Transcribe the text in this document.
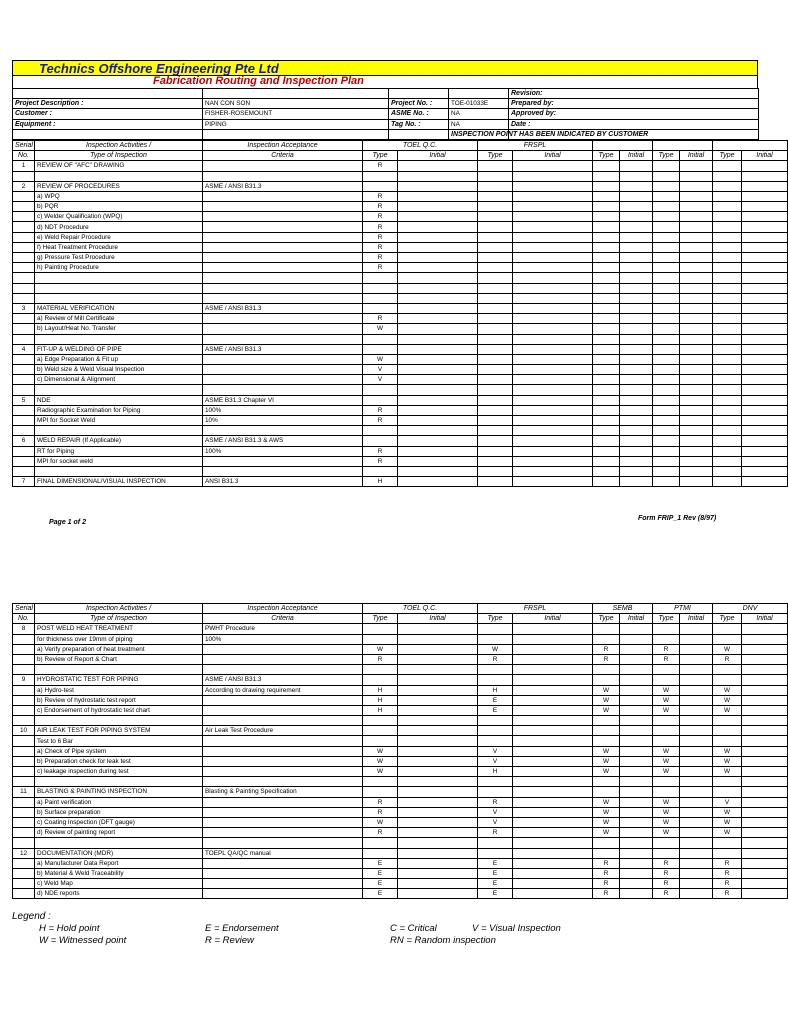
Technics Offshore Engineering Pte Ltd
Fabrication Routing and Inspection Plan
				Revision:
Project Description :	NAN CON SON	Project No. :	TOE-01033E	Prepared by:
Customer :	FISHER-ROSEMOUNT	ASME No. :	NA	Approved by:
Equipment :	PIPING	Tag No. :	NA	Date :
			INSPECTION POINT HAS BEEN INDICATED BY CUSTOMER	
Serial	Inspection Activities /	Inspection Acceptance	TOEL Q.C.		FRSPL							
No.	Type of Inspection	Criteria	Type	Initial	Type	Initial	Type	Initial	Type	Initial	Type	Initial
1	REVIEW OF "AFC" DRAWING		R									

2	REVIEW OF PROCEDURES	ASME / ANSI B31.3										
	a) WPQ		R									
	b) PQR		R									
	c) Welder Qualification (WPQ)		R									
	d) NDT Procedure		R									
	e) Weld Repair Procedure		R									
	f) Heat Treatment Procedure		R									
	g) Pressure Test Procedure		R									
	h) Painting Procedure		R									

3	MATERIAL VERIFICATION	ASME / ANSI B31.3										
	a) Review of Mill Certificate		R									
	b) Layout/Heat No. Transfer		W									

4	FIT-UP & WELDING OF PIPE	ASME / ANSI B31.3										
	a) Edge Preparation & Fit up		W									
	b) Weld size & Weld Visual Inspection		V									
	c) Dimensional & Alignment		V									

5	NDE	ASME B31.3 Chapter VI										
	Radiographic Examination for Piping	100%	R									
	MPI for Socket Weld	10%	R									

6	WELD REPAIR (If Applicable)	ASME / ANSI B31.3 & AWS										
	RT for Piping	100%	R									
	MPI for socket weld		R									

7	FINAL DIMENSIONAL/VISUAL INSPECTION	ANSI B31.3	H									
Page 1 of 2
Form FRIP_1 Rev (8/97)
Serial	Inspection Activities /	Inspection Acceptance	TOEL Q.C.		FRSPL		SEMB		PTMI		DNV	
No.	Type of Inspection	Criteria	Type	Initial	Type	Initial	Type	Initial	Type	Initial	Type	Initial
8	POST WELD HEAT TREATMENT	PWHT Procedure										
	for thickness over 19mm of piping	100%										
	a) Verify preparation of heat treatment		W		W		R		R		W	
	b) Review of Report & Chart		R		R		R		R		R	

9	HYDROSTATIC TEST FOR PIPING	ASME / ANSI B31.3										
	a) Hydro-test	According to drawing requirement	H		H		W		W		W	
	b) Review of hydrostatic test report		H		E		W		W		W	
	c) Endorsement of hydrostatic test chart		H		E		W		W		W	

10	AIR LEAK TEST FOR PIPING SYSTEM	Air Leak Test Procedure										
	Test to 6 Bar											
	a) Check of Pipe system		W		V		W		W		W	
	b) Preparation check for leak test		W		V		W		W		W	
	c) leakage inspection during test		W		H		W		W		W	

11	BLASTING & PAINTING INSPECTION	Blasting & Painting Specification										
	a) Paint verification		R		R		W		W		V	
	b) Surface preparation		R		V		W		W		W	
	c) Coating Inspection (DFT gauge)		W		V		W		W		W	
	d) Review of painting report		R		R		W		W		W	

12	DOCUMENTATION (MDR)	TOEPL QA/QC manual										
	a) Manufacturer Data Report		E		E		R		R		R	
	b) Material & Weld Traceability		E		E		R		R		R	
	c) Weld Map		E		E		R		R		R	
	d) NDE reports		E		E		R		R		R	
Legend :
H = Hold point	E = Endorsement	C = Critical	V = Visual Inspection
W = Witnessed point	R = Review	RN = Random inspection
